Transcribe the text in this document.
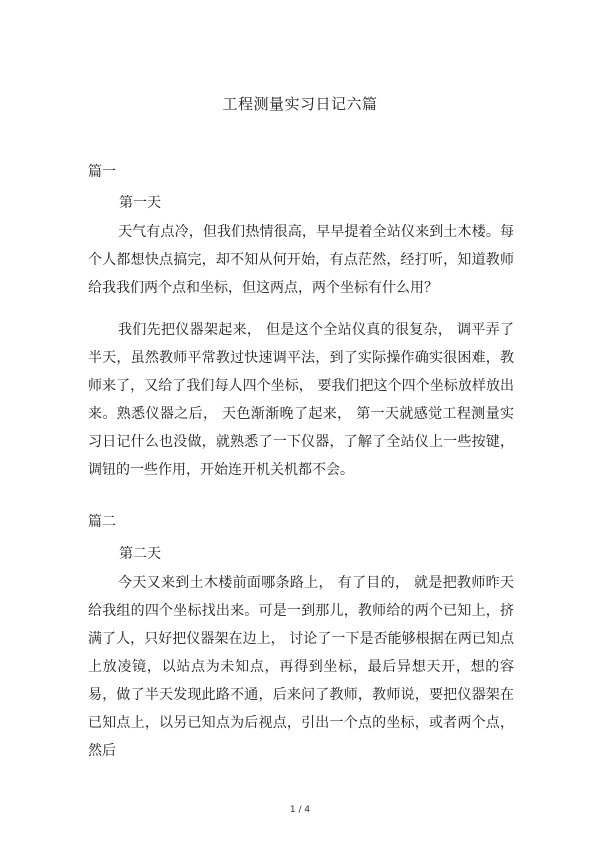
工程测量实习日记六篇
篇一
第一天

天气有点冷，但我们热情很高，早早提着全站仪来到土木楼。每个人都想快点搞完，却不知从何开始，有点茫然，经打听，知道教师给我我们两个点和坐标，但这两点，两个坐标有什么用？

我们先把仪器架起来， 但是这个全站仪真的很复杂， 调平弄了半天，虽然教师平常教过快速调平法，到了实际操作确实很困难，教师来了，又给了我们每人四个坐标， 要我们把这个四个坐标放样放出来。熟悉仪器之后， 天色渐渐晚了起来， 第一天就感觉工程测量实习日记什么也没做，就熟悉了一下仪器，了解了全站仪上一些按键，调钮的一些作用，开始连开机关机都不会。

篇二
第二天

今天又来到土木楼前面哪条路上， 有了目的， 就是把教师昨天给我组的四个坐标找出来。可是一到那儿，教师给的两个已知上，挤满了人，只好把仪器架在边上， 讨论了一下是否能够根据在两已知点上放凌镜，以站点为未知点，再得到坐标，最后异想天开，想的容易，做了半天发现此路不通，后来问了教师，教师说，要把仪器架在已知点上，以另已知点为后视点，引出一个点的坐标，或者两个点，然后

1 / 4
